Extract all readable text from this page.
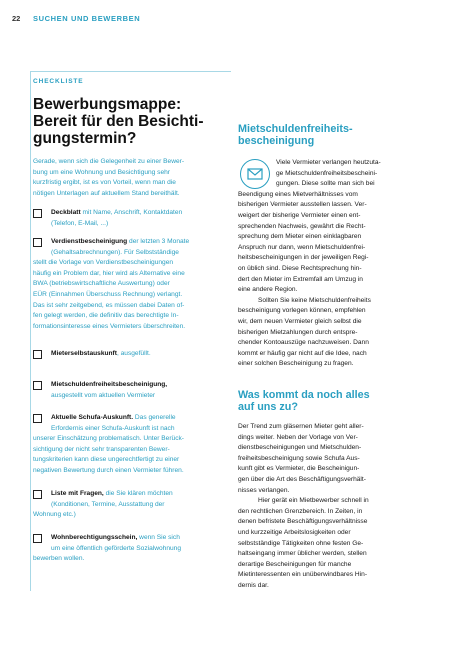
22 SUCHEN UND BEWERBEN
CHECKLISTE
Bewerbungsmappe:
Bereit für den Besichti-
gungstermin?
Gerade, wenn sich die Gelegenheit zu einer Bewer-
bung um eine Wohnung und Besichtigung sehr
kurzfristig ergibt, ist es von Vorteil, wenn man die
nötigen Unterlagen auf aktuellem Stand bereithält.
Deckblatt mit Name, Anschrift, Kontaktdaten
(Telefon, E-Mail, ...)
Verdienstbescheinigung der letzten 3 Monate
(Gehaltsabrechnungen). Für Selbstständige
stellt die Vorlage von Verdienstbescheinigungen
häufig ein Problem dar, hier wird als Alternative eine
BWA (betriebswirtschaftliche Auswertung) oder
EÜR (Einnahmen Überschuss Rechnung) verlangt.
Das ist sehr zeitgebend, es müssen dabei Daten of-
fen gelegt werden, die definitiv das berechtigte In-
formationsinteresse eines Vermieters überschreiten.
Mieterselbstauskunft, ausgefüllt.
Mietschuldenfreiheitsbescheinigung,
ausgestellt vom aktuellen Vermieter
Aktuelle Schufa-Auskunft. Das generelle
Erfordernis einer Schufa-Auskunft ist nach
unserer Einschätzung problematisch. Unter Berück-
sichtigung der nicht sehr transparenten Bewer-
tungskriterien kann diese ungerechtfertigt zu einer
negativen Bewertung durch einen Vermieter führen.
Liste mit Fragen, die Sie klären möchten
(Konditionen, Termine, Ausstattung der
Wohnung etc.)
Wohnberechtigungsschein, wenn Sie sich
um eine öffentlich geförderte Sozialwohnung
bewerben wollen.
Mietschuldenfreiheits-
bescheinigung
Viele Vermieter verlangen heutzuta-
ge Mietschuldenfreiheitsbescheini-
gungen. Diese sollte man sich bei
Beendigung eines Mietverhältnisses vom
bisherigen Vermieter ausstellen lassen. Ver-
weigert der bisherige Vermieter einen ent-
sprechenden Nachweis, gewährt die Recht-
sprechung dem Mieter einen einklagbaren
Anspruch nur dann, wenn Mietschuldenfrei-
heitsbescheinigungen in der jeweiligen Regi-
on üblich sind. Diese Rechtsprechung hin-
dert den Mieter im Extremfall am Umzug in
eine andere Region.
Sollten Sie keine Mietschuldenfreiheits
bescheinigung vorlegen können, empfehlen
wir, dem neuen Vermieter gleich selbst die
bisherigen Mietzahlungen durch entspre-
chender Kontoauszüge nachzuweisen. Dann
kommt er häufig gar nicht auf die Idee, nach
einer solchen Bescheinigung zu fragen.
Was kommt da noch alles
auf uns zu?
Der Trend zum gläsernen Mieter geht aller-
dings weiter. Neben der Vorlage von Ver-
dienstbescheinigungen und Mietschulden-
freiheitsbescheinigung sowie Schufa Aus-
kunft gibt es Vermieter, die Bescheinigun-
gen über die Art des Beschäftigungsverhält-
nisses verlangen.
Hier gerät ein Mietbewerber schnell in
den rechtlichen Grenzbereich. In Zeiten, in
denen befristete Beschäftigungsverhältnisse
und kurzzeitige Arbeitslosigkeiten oder
selbstständige Tätigkeiten ohne festen Ge-
haltseingang immer üblicher werden, stellen
derartige Bescheinigungen für manche
Mietinteressenten ein unüberwindbares Hin-
dernis dar.
